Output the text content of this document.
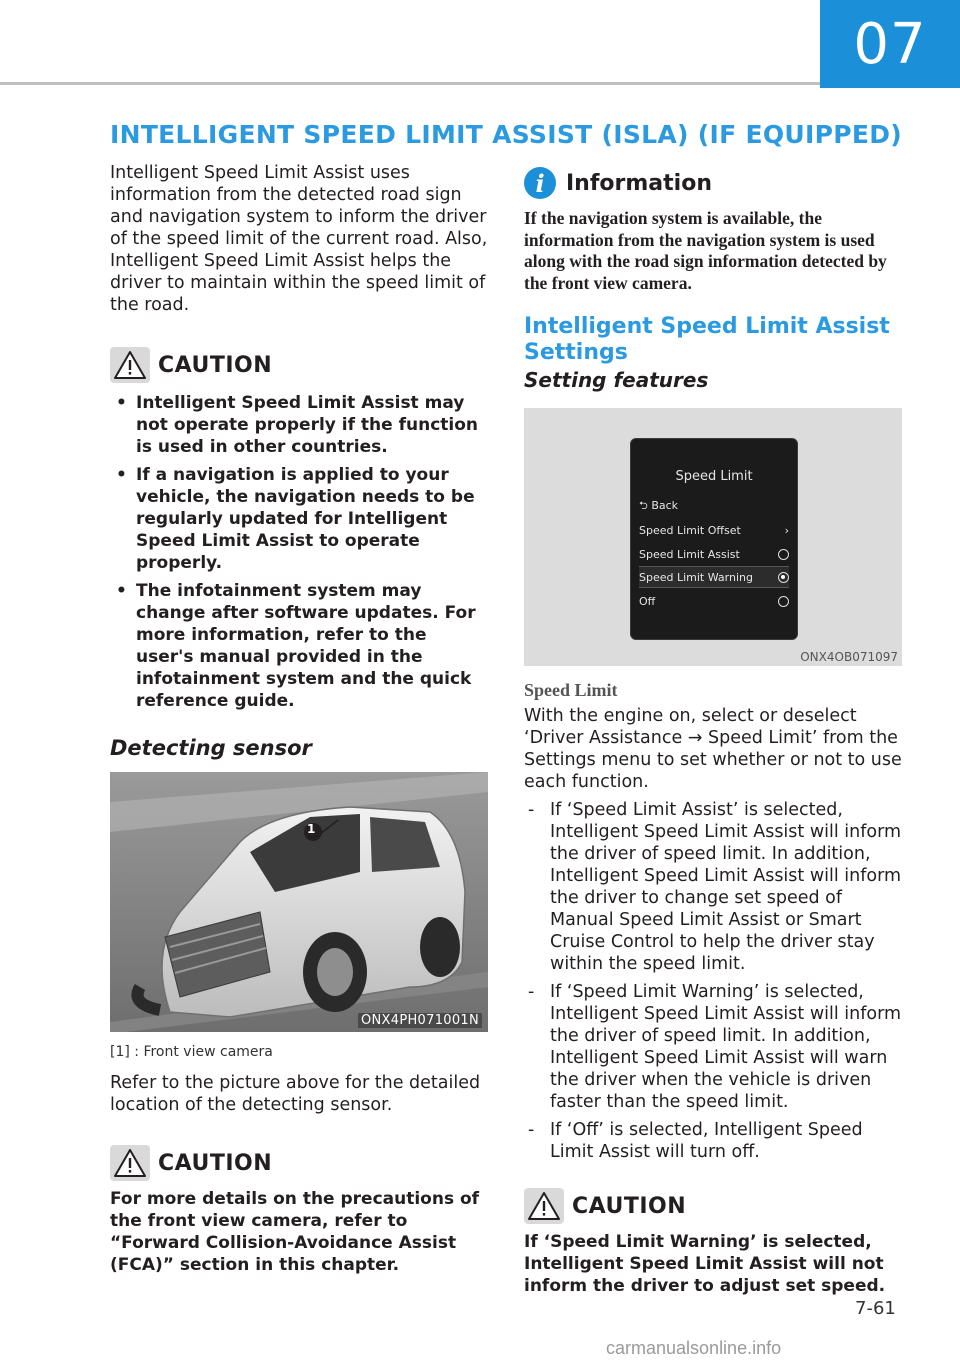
07
INTELLIGENT SPEED LIMIT ASSIST (ISLA) (IF EQUIPPED)

Intelligent Speed Limit Assist uses information from the detected road sign and navigation system to inform the driver of the speed limit of the current road. Also, Intelligent Speed Limit Assist helps the driver to maintain within the speed limit of the road.

CAUTION
• Intelligent Speed Limit Assist may not operate properly if the function is used in other countries.
• If a navigation is applied to your vehicle, the navigation needs to be regularly updated for Intelligent Speed Limit Assist to operate properly.
• The infotainment system may change after software updates. For more information, refer to the user's manual provided in the infotainment system and the quick reference guide.
Detecting sensor
1
ONX4PH071001N
[1] : Front view camera

Refer to the picture above for the detailed location of the detecting sensor.

CAUTION

For more details on the precautions of the front view camera, refer to “Forward Collision-Avoidance Assist (FCA)” section in this chapter.

i Information

If the navigation system is available, the information from the navigation system is used along with the road sign information detected by the front view camera.

Intelligent Speed Limit Assist Settings
Setting features
Speed Limit
⮌ Back
Speed Limit Offset	›
Speed Limit Assist
Speed Limit Warning
Off
ONX4OB071097
Speed Limit

With the engine on, select or deselect ‘Driver Assistance → Speed Limit’ from the Settings menu to set whether or not to use each function.

- If ‘Speed Limit Assist’ is selected, Intelligent Speed Limit Assist will inform the driver of speed limit. In addition, Intelligent Speed Limit Assist will inform the driver to change set speed of Manual Speed Limit Assist or Smart Cruise Control to help the driver stay within the speed limit.
- If ‘Speed Limit Warning’ is selected, Intelligent Speed Limit Assist will inform the driver of speed limit. In addition, Intelligent Speed Limit Assist will warn the driver when the vehicle is driven faster than the speed limit.
- If ‘Off’ is selected, Intelligent Speed Limit Assist will turn off.
CAUTION

If ‘Speed Limit Warning’ is selected, Intelligent Speed Limit Assist will not inform the driver to adjust set speed.

7-61
carmanualsonline.info
